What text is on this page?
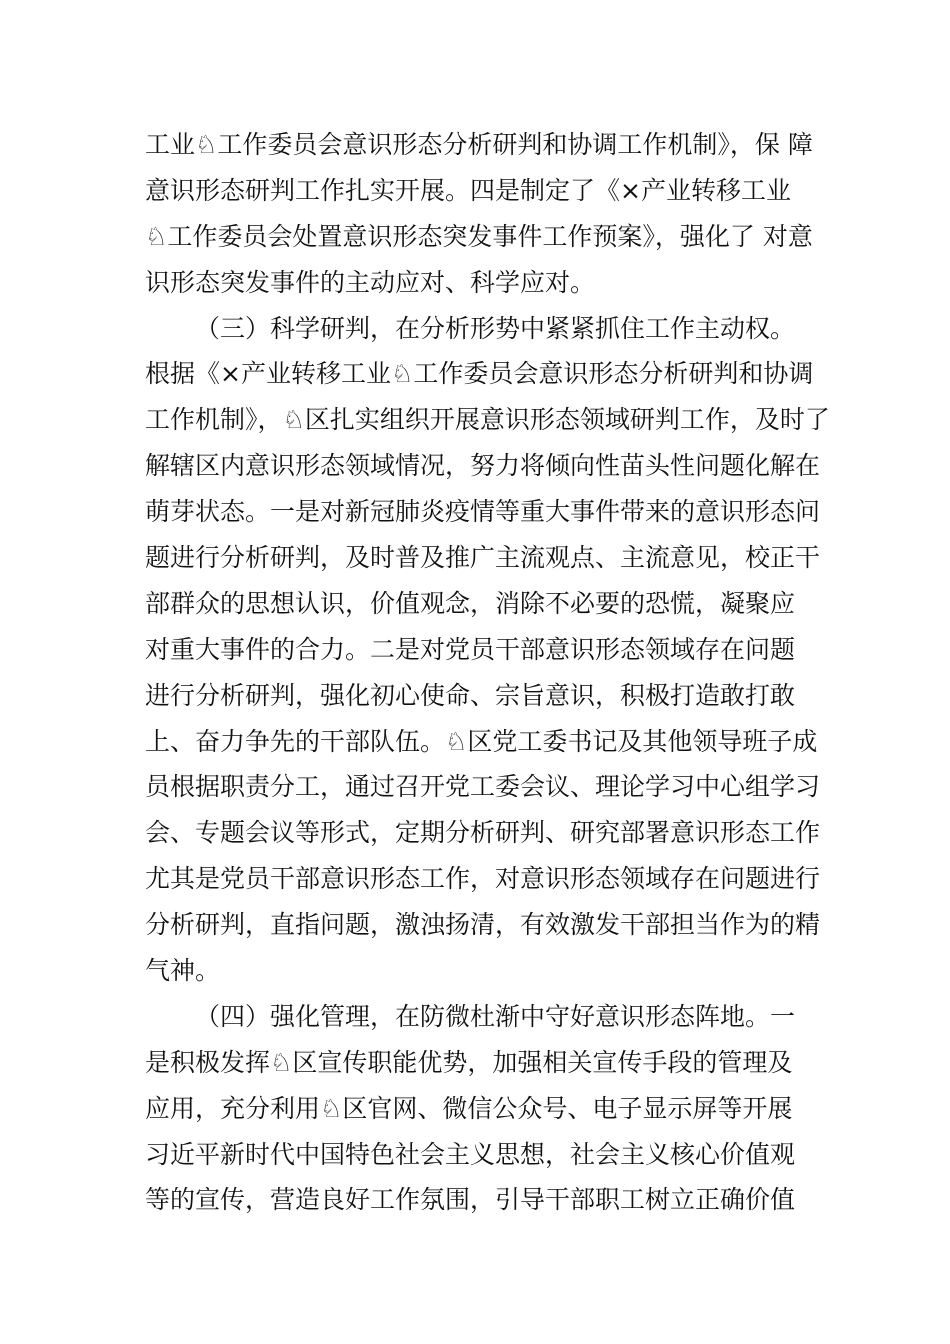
工业♘工作委员会意识形态分析研判和协调工作机制》，保 障
意识形态研判工作扎实开展。四是制定了《×产业转移工业
♘工作委员会处置意识形态突发事件工作预案》，强化了 对意
识形态突发事件的主动应对、科学应对。
（三）科学研判，在分析形势中紧紧抓住工作主动权。
根据《×产业转移工业♘工作委员会意识形态分析研判和协调
工作机制》，♘区扎实组织开展意识形态领域研判工作，及时了
解辖区内意识形态领域情况，努力将倾向性苗头性问题化解在
萌芽状态。一是对新冠肺炎疫情等重大事件带来的意识形态问
题进行分析研判，及时普及推广主流观点、主流意见，校正干
部群众的思想认识，价值观念，消除不必要的恐慌，凝聚应
对重大事件的合力。二是对党员干部意识形态领域存在问题
进行分析研判，强化初心使命、宗旨意识，积极打造敢打敢
上、奋力争先的干部队伍。♘区党工委书记及其他领导班子成
员根据职责分工，通过召开党工委会议、理论学习中心组学习
会、专题会议等形式，定期分析研判、研究部署意识形态工作
尤其是党员干部意识形态工作，对意识形态领域存在问题进行
分析研判，直指问题，激浊扬清，有效激发干部担当作为的精
气神。
（四）强化管理，在防微杜渐中守好意识形态阵地。一
是积极发挥♘区宣传职能优势，加强相关宣传手段的管理及
应用，充分利用♘区官网、微信公众号、电子显示屏等开展
习近平新时代中国特色社会主义思想，社会主义核心价值观
等的宣传，营造良好工作氛围，引导干部职工树立正确价值
